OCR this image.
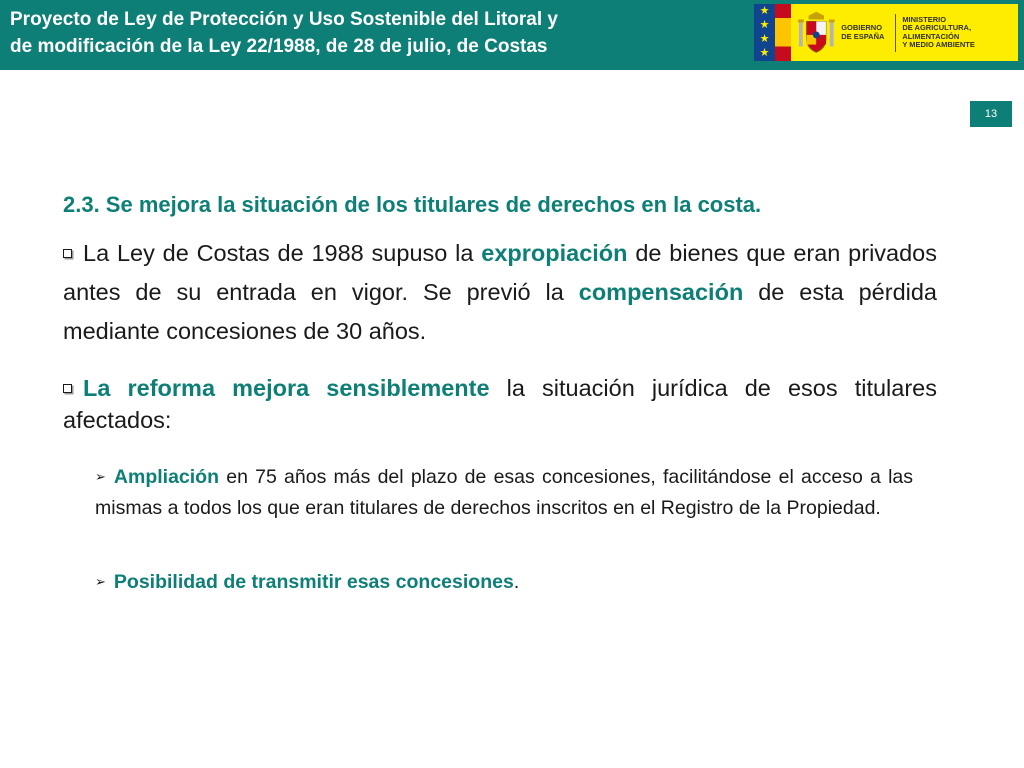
Proyecto de Ley de Protección y Uso Sostenible del Litoral y
de modificación de la Ley 22/1988, de 28 de julio, de Costas
★
★
★
★
GOBIERNO
DE ESPAÑA
MINISTERIO
DE AGRICULTURA, ALIMENTACIÓN
Y MEDIO AMBIENTE
13
2.3. Se mejora la situación de los titulares de derechos en la costa.

La Ley de Costas de 1988 supuso la expropiación de bienes que eran privados antes de su entrada en vigor. Se previó la compensación de esta pérdida mediante concesiones de 30 años.

La reforma mejora sensiblemente la situación jurídica de esos titulares afectados:

➢ Ampliación en 75 años más del plazo de esas concesiones, facilitándose el acceso a las mismas a todos los que eran titulares de derechos inscritos en el Registro de la Propiedad.

➢ Posibilidad de transmitir esas concesiones.
